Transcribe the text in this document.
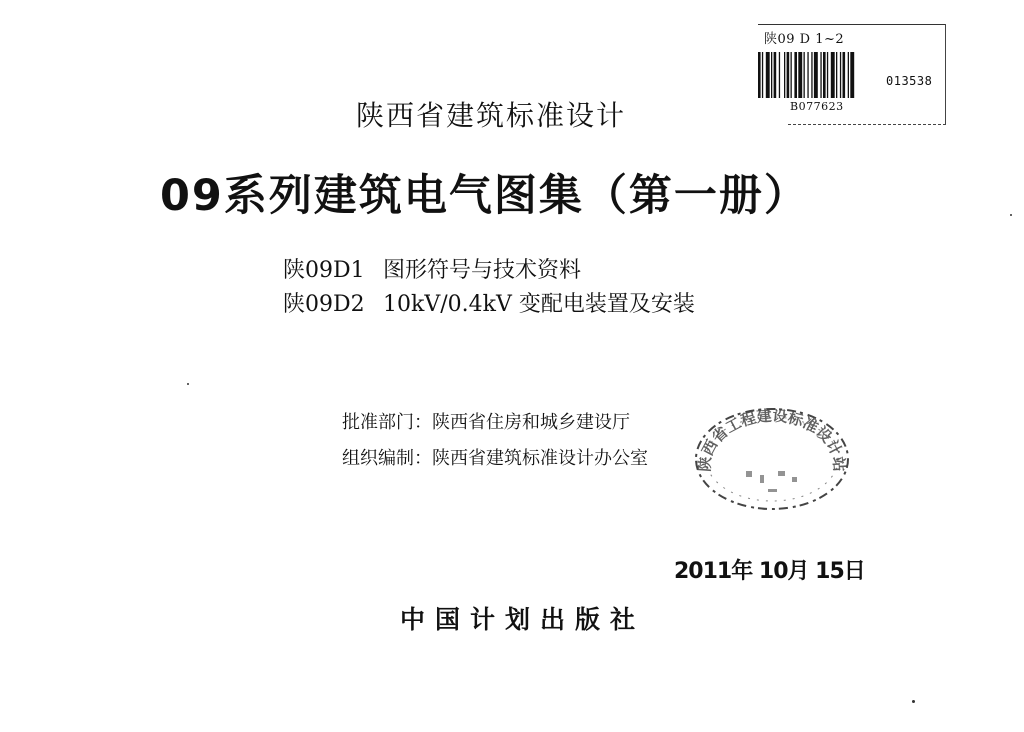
陕09 D 1~2
013538
B077623
陕西省建筑标准设计
09系列建筑电气图集（第一册）
陕09D1 图形符号与技术资料
陕09D2 10kV/0.4kV 变配电装置及安装
批准部门： 陕西省住房和城乡建设厅
组织编制： 陕西省建筑标准设计办公室	陕西省工程建设标准设计站
2011年 10月 15日
中国计划出版社
